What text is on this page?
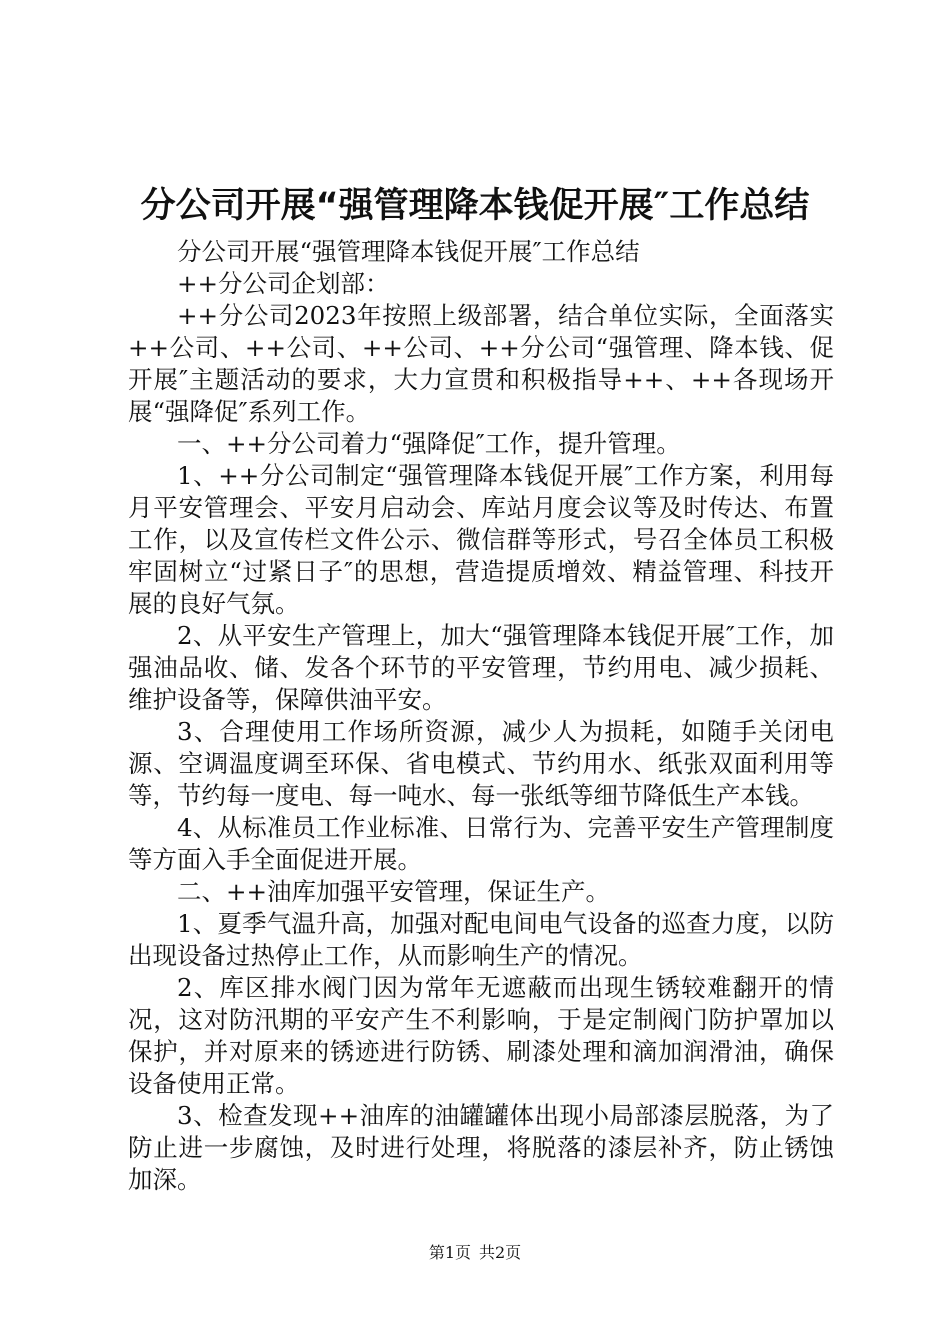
分公司开展“强管理降本钱促开展″工作总结

分公司开展“强管理降本钱促开展″工作总结

++分公司企划部：

++分公司2023年按照上级部署，结合单位实际，全面落实++公司、++公司、++公司、++分公司“强管理、降本钱、促开展″主题活动的要求，大力宣贯和积极指导++、++各现场开展“强降促″系列工作。

一、++分公司着力“强降促″工作，提升管理。

1、++分公司制定“强管理降本钱促开展″工作方案，利用每月平安管理会、平安月启动会、库站月度会议等及时传达、布置工作，以及宣传栏文件公示、微信群等形式，号召全体员工积极牢固树立“过紧日子″的思想，营造提质增效、精益管理、科技开展的良好气氛。

2、从平安生产管理上，加大“强管理降本钱促开展″工作，加强油品收、储、发各个环节的平安管理，节约用电、减少损耗、维护设备等，保障供油平安。

3、合理使用工作场所资源，减少人为损耗，如随手关闭电源、空调温度调至环保、省电模式、节约用水、纸张双面利用等等，节约每一度电、每一吨水、每一张纸等细节降低生产本钱。

4、从标准员工作业标准、日常行为、完善平安生产管理制度等方面入手全面促进开展。

二、++油库加强平安管理，保证生产。

1、夏季气温升高，加强对配电间电气设备的巡查力度，以防出现设备过热停止工作，从而影响生产的情况。

2、库区排水阀门因为常年无遮蔽而出现生锈较难翻开的情况，这对防汛期的平安产生不利影响，于是定制阀门防护罩加以保护，并对原来的锈迹进行防锈、刷漆处理和滴加润滑油，确保设备使用正常。

3、检查发现++油库的油罐罐体出现小局部漆层脱落，为了防止进一步腐蚀，及时进行处理，将脱落的漆层补齐，防止锈蚀加深。

第1页 共2页
